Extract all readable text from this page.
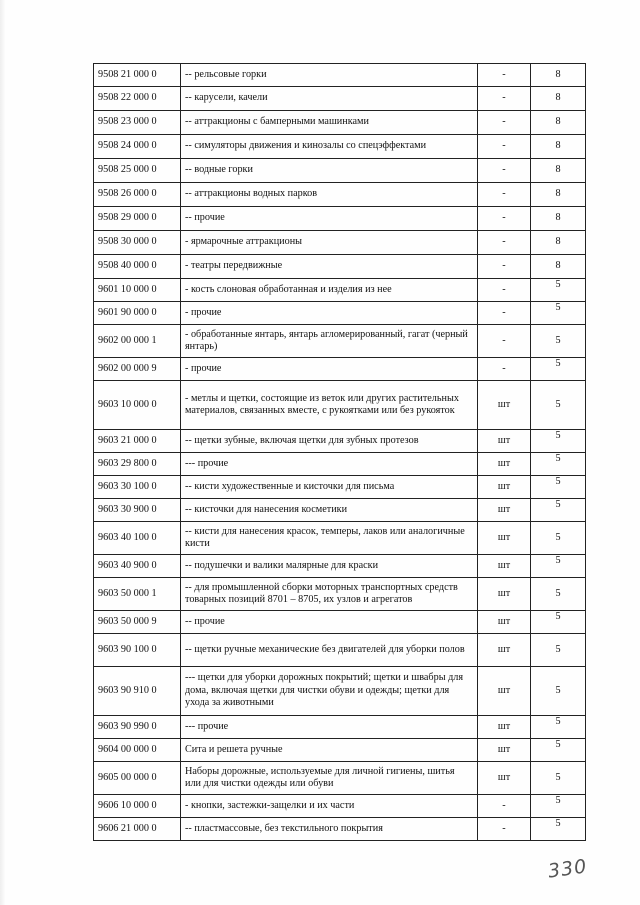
9508 21 000 0	-- рельсовые горки	-	8
9508 22 000 0	-- карусели, качели	-	8
9508 23 000 0	-- аттракционы с бамперными машинками	-	8
9508 24 000 0	-- симуляторы движения и кинозалы со спецэффектами	-	8
9508 25 000 0	-- водные горки	-	8
9508 26 000 0	-- аттракционы водных парков	-	8
9508 29 000 0	-- прочие	-	8
9508 30 000 0	- ярмарочные аттракционы	-	8
9508 40 000 0	- театры передвижные	-	8
9601 10 000 0	- кость слоновая обработанная и изделия из нее	-	5
9601 90 000 0	- прочие	-	5
9602 00 000 1	- обработанные янтарь, янтарь агломерированный, гагат (черный янтарь)	-	5
9602 00 000 9	- прочие	-	5
9603 10 000 0	- метлы и щетки, состоящие из веток или других растительных материалов, связанных вместе, с рукоятками или без рукояток	шт	5
9603 21 000 0	-- щетки зубные, включая щетки для зубных протезов	шт	5
9603 29 800 0	--- прочие	шт	5
9603 30 100 0	-- кисти художественные и кисточки для письма	шт	5
9603 30 900 0	-- кисточки для нанесения косметики	шт	5
9603 40 100 0	-- кисти для нанесения красок, темперы, лаков или аналогичные кисти	шт	5
9603 40 900 0	-- подушечки и валики малярные для краски	шт	5
9603 50 000 1	-- для промышленной сборки моторных транспортных средств товарных позиций 8701 – 8705, их узлов и агрегатов	шт	5
9603 50 000 9	-- прочие	шт	5
9603 90 100 0	-- щетки ручные механические без двигателей для уборки полов	шт	5
9603 90 910 0	--- щетки для уборки дорожных покрытий; щетки и швабры для дома, включая щетки для чистки обуви и одежды; щетки для ухода за животными	шт	5
9603 90 990 0	--- прочие	шт	5
9604 00 000 0	Сита и решета ручные	шт	5
9605 00 000 0	Наборы дорожные, используемые для личной гигиены, шитья или для чистки одежды или обуви	шт	5
9606 10 000 0	- кнопки, застежки-защелки и их части	-	5
9606 21 000 0	-- пластмассовые, без текстильного покрытия	-	5
330
